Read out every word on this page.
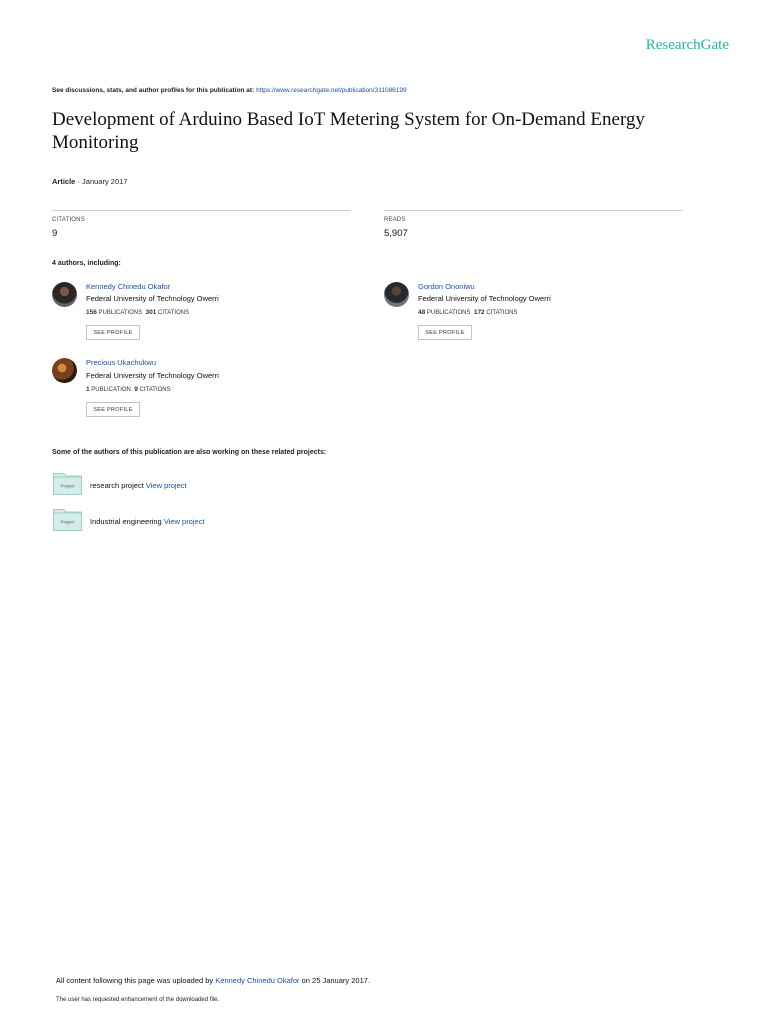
ResearchGate
See discussions, stats, and author profiles for this publication at: https://www.researchgate.net/publication/311086199
Development of Arduino Based IoT Metering System for On-Demand Energy Monitoring
Article · January 2017
CITATIONS
9
READS
5,907
4 authors, including:
Kennedy Chinedu Okafor
Federal University of Technology Owerri
156 PUBLICATIONS 301 CITATIONS
SEE PROFILE
Gordon Ononiwu
Federal University of Technology Owerri
48 PUBLICATIONS 172 CITATIONS
SEE PROFILE
Precious Ukachukwu
Federal University of Technology Owerri
1 PUBLICATION 9 CITATIONS
SEE PROFILE
Some of the authors of this publication are also working on these related projects:
Project research project View project
Project Industrial engineering View project
All content following this page was uploaded by Kennedy Chinedu Okafor on 25 January 2017.
The user has requested enhancement of the downloaded file.
